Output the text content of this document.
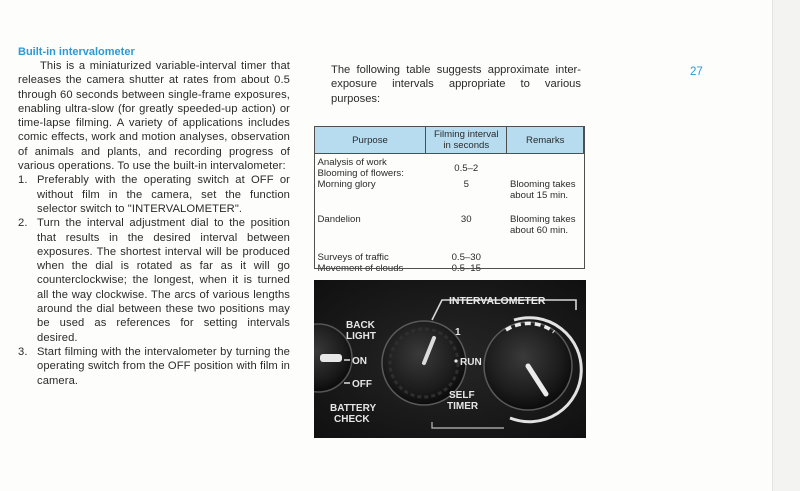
Built-in intervalometer

This is a miniaturized variable-interval timer that releases the camera shutter at rates from about 0.5 through 60 seconds between single-frame exposures, enabling ultra-slow (for greatly speeded-up action) or time-lapse filming. A variety of applications includes comic effects, work and motion analyses, observation of animals and plants, and recording progress of various operations. To use the built-in intervalometer:

1. Preferably with the operating switch at OFF or without film in the camera, set the function selector switch to "INTERVALOMETER".
2. Turn the interval adjustment dial to the position that results in the desired interval between exposures. The shortest interval will be produced when the dial is rotated as far as it will go counterclockwise; the longest, when it is turned all the way clockwise. The arcs of various lengths around the dial between these two positions may be used as references for setting intervals desired.
3. Start filming with the intervalometer by turning the operating switch from the OFF position with film in camera.
The following table suggests approximate inter-exposure intervals appropriate to various purposes:
27
Purpose	Filming interval in seconds	Remarks
Analysis of work		
Blooming of flowers:	0.5–2	
Morning glory	5	Blooming takes about 15 min.
Dandelion	30	Blooming takes about 60 min.
Surveys of traffic	0.5–30	
Movement of clouds	0.5–15	
INTERVALOMETER
BACK
LIGHT
ON
OFF
BATTERY
CHECK
1
RUN
SELF
TIMER
